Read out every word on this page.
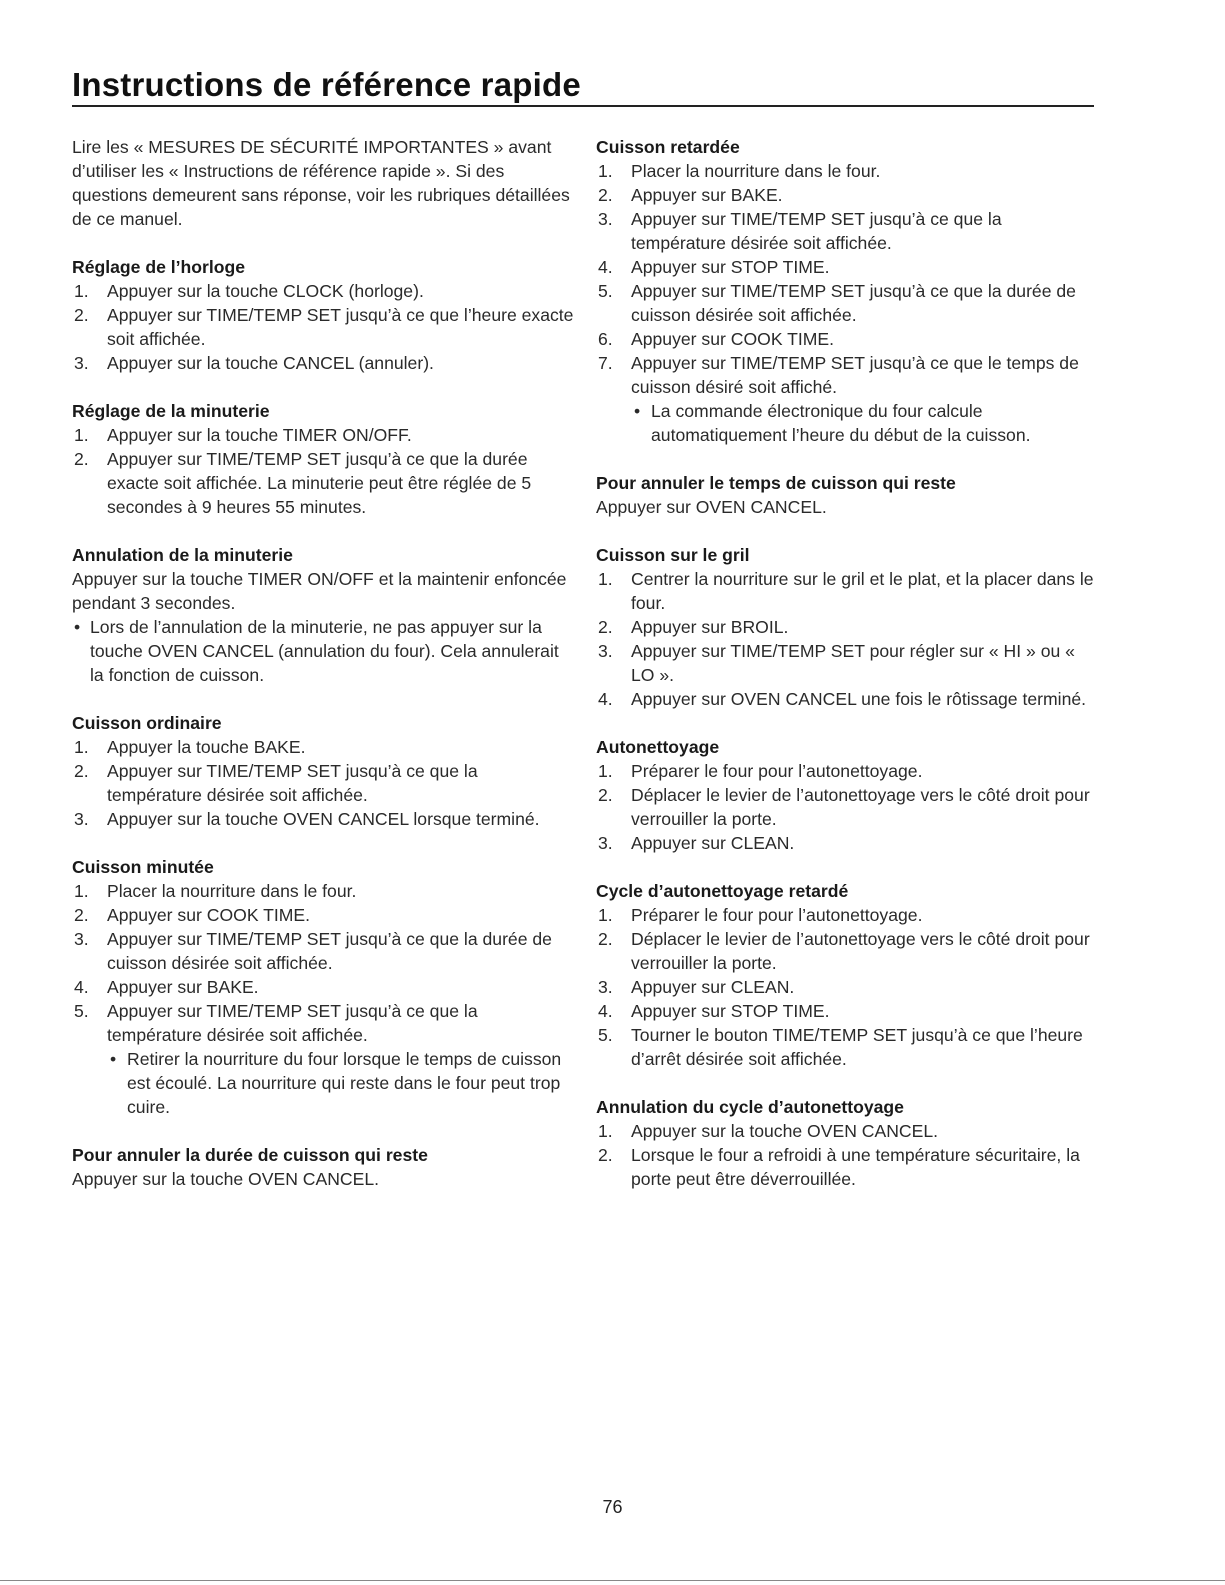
Instructions de référence rapide

Lire les « MESURES DE SÉCURITÉ IMPORTANTES » avant d’utiliser les « Instructions de référence rapide ». Si des questions demeurent sans réponse, voir les rubriques détaillées de ce manuel.

Réglage de l’horloge
1. Appuyer sur la touche CLOCK (horloge).
2. Appuyer sur TIME/TEMP SET jusqu’à ce que l’heure exacte soit affichée.
3. Appuyer sur la touche CANCEL (annuler).
Réglage de la minuterie
1. Appuyer sur la touche TIMER ON/OFF.
2. Appuyer sur TIME/TEMP SET jusqu’à ce que la durée exacte soit affichée. La minuterie peut être réglée de 5 secondes à 9 heures 55 minutes.
Annulation de la minuterie

Appuyer sur la touche TIMER ON/OFF et la maintenir enfoncée pendant 3 secondes.

• Lors de l’annulation de la minuterie, ne pas appuyer sur la touche OVEN CANCEL (annulation du four). Cela annulerait la fonction de cuisson.
Cuisson ordinaire
1. Appuyer la touche BAKE.
2. Appuyer sur TIME/TEMP SET jusqu’à ce que la température désirée soit affichée.
3. Appuyer sur la touche OVEN CANCEL lorsque terminé.
Cuisson minutée
1. Placer la nourriture dans le four.
2. Appuyer sur COOK TIME.
3. Appuyer sur TIME/TEMP SET jusqu’à ce que la durée de cuisson désirée soit affichée.
4. Appuyer sur BAKE.
5. Appuyer sur TIME/TEMP SET jusqu’à ce que la température désirée soit affichée.
• Retirer la nourriture du four lorsque le temps de cuisson est écoulé. La nourriture qui reste dans le four peut trop cuire.
Pour annuler la durée de cuisson qui reste

Appuyer sur la touche OVEN CANCEL.

Cuisson retardée
1. Placer la nourriture dans le four.
2. Appuyer sur BAKE.
3. Appuyer sur TIME/TEMP SET jusqu’à ce que la température désirée soit affichée.
4. Appuyer sur STOP TIME.
5. Appuyer sur TIME/TEMP SET jusqu’à ce que la durée de cuisson désirée soit affichée.
6. Appuyer sur COOK TIME.
7. Appuyer sur TIME/TEMP SET jusqu’à ce que le temps de cuisson désiré soit affiché.
• La commande électronique du four calcule automatiquement l’heure du début de la cuisson.
Pour annuler le temps de cuisson qui reste

Appuyer sur OVEN CANCEL.

Cuisson sur le gril
1. Centrer la nourriture sur le gril et le plat, et la placer dans le four.
2. Appuyer sur BROIL.
3. Appuyer sur TIME/TEMP SET pour régler sur « HI » ou « LO ».
4. Appuyer sur OVEN CANCEL une fois le rôtissage terminé.
Autonettoyage
1. Préparer le four pour l’autonettoyage.
2. Déplacer le levier de l’autonettoyage vers le côté droit pour verrouiller la porte.
3. Appuyer sur CLEAN.
Cycle d’autonettoyage retardé
1. Préparer le four pour l’autonettoyage.
2. Déplacer le levier de l’autonettoyage vers le côté droit pour verrouiller la porte.
3. Appuyer sur CLEAN.
4. Appuyer sur STOP TIME.
5. Tourner le bouton TIME/TEMP SET jusqu’à ce que l’heure d’arrêt désirée soit affichée.
Annulation du cycle d’autonettoyage
1. Appuyer sur la touche OVEN CANCEL.
2. Lorsque le four a refroidi à une température sécuritaire, la porte peut être déverrouillée.
76
